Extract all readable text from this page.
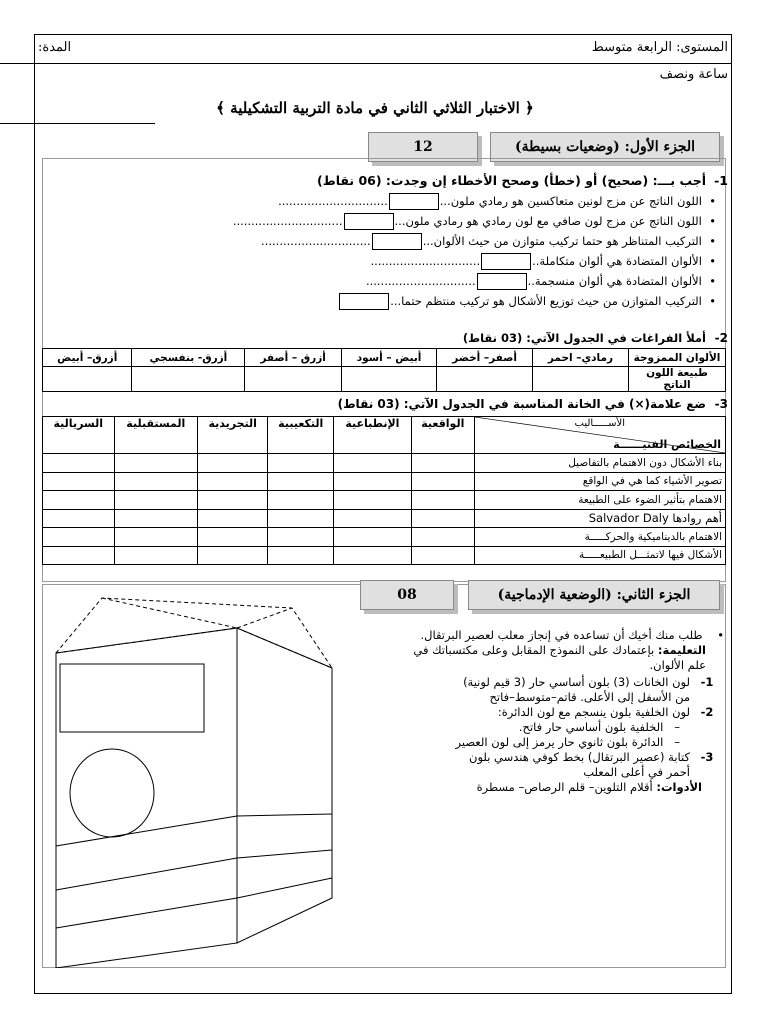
المستوى: الرابعة متوسط
المدة:
ساعة ونصف
﴿ الاختبار الثلاثي الثاني في مادة التربية التشكيلية ﴾
الجزء الأول: (وضعيات بسيطة)
12
1-
أجب بـــ: (صحيح) أو (خطأ) وصحح الأخطاء إن وجدت: (06 نقاط)
•  اللون الناتج عن مزج لونين متعاكسين هو رمادي ملون.................................
•  اللون الناتج عن مزج لون صافي مع لون رمادي هو رمادي ملون.................................
•  التركيب المتناظر هو حتما تركيب متوازن من حيث الألوان.................................
•  الألوان المتضادة هي ألوان متكاملة................................
•  الألوان المتضادة هي ألوان منسجمة................................
•  التركيب المتوازن من حيث توزيع الأشكال هو تركيب منتظم حتما...
2-
أملأ الفراغات في الجدول الآتي: (03 نقاط)
الألوان الممزوجة	رمادي– احمر	أصفر– أخضر	أبيض – أسود	أزرق – أصفر	أزرق- بنفسجي	أزرق– أبيض
طبيعة اللون الناتج						
3-
ضع علامة(×) في الخانة المناسبة في الجدول الآتي: (03 نقاط)
الأســـــاليب
الخصائص الفنيــــــة	الواقعية	الإنطباعية	التكعيبية	التجريدية	المستقبلية	السريالية
بناء الأشكال دون الاهتمام بالتفاصيل						
تصوير الأشياء كما هي في الواقع						
الاهتمام بتأثير الضوء على الطبيعة						
أهم روادها Salvador Daly						
الاهتمام بالديناميكية والحركـــــة						
الأشكال فيها لاتمثـــل الطبيعـــــة						
الجزء الثاني: (الوضعية الإدماجية)
08
•    طلب منك أخيك أن تساعده في إنجاز معلب لعصير البرتقال.
التعليمة: بإعتمادك على النموذج المقابل وعلى مكتسباتك في علم الألوان.
1-
لون الخانات (3) بلون أساسي حار (3 قيم لونية) من الأسفل إلى الأعلى. قاتم–متوسط–فاتح
2-
لون الخلفية بلون ينسجم مع لون الدائرة:
–   الخلفية بلون أساسي حار فاتح.
–   الدائرة بلون ثانوي حار يرمز إلى لون العصير
3-
كتابة (عصير البرتقال) بخط كوفي هندسي بلون أحمر في أعلى المعلب
الأدوات: أقلام التلوين– قلم الرصاص– مسطرة
